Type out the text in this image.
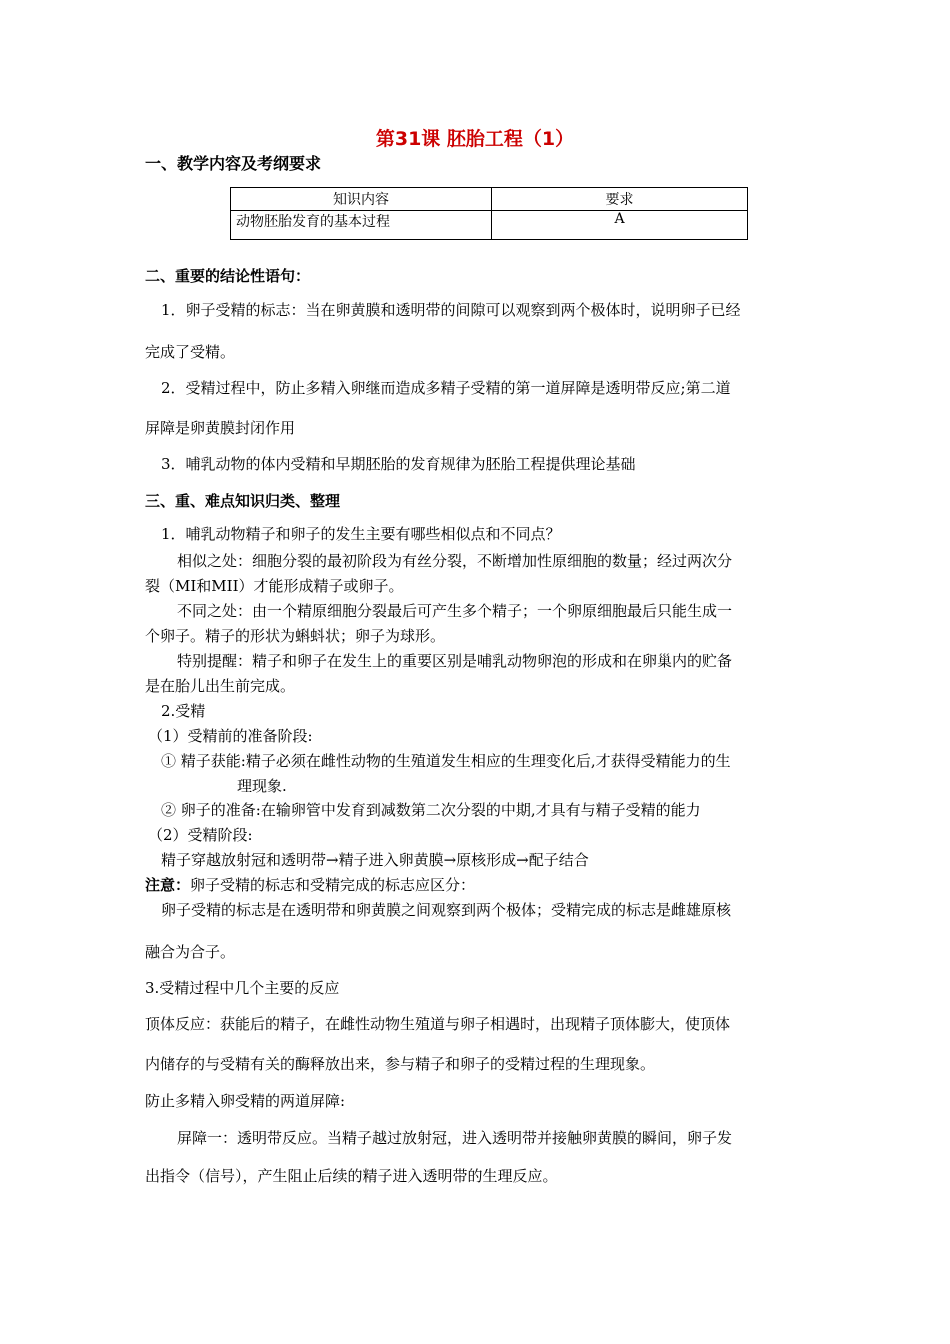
第31课 胚胎工程（1）
一、教学内容及考纲要求
知识内容	要求
动物胚胎发育的基本过程	A
二、重要的结论性语句：
1．卵子受精的标志：当在卵黄膜和透明带的间隙可以观察到两个极体时，说明卵子已经
完成了受精。
2．受精过程中，防止多精入卵继而造成多精子受精的第一道屏障是透明带反应;第二道
屏障是卵黄膜封闭作用
3．哺乳动物的体内受精和早期胚胎的发育规律为胚胎工程提供理论基础
三、重、难点知识归类、整理
1．哺乳动物精子和卵子的发生主要有哪些相似点和不同点？
相似之处：细胞分裂的最初阶段为有丝分裂，不断增加性原细胞的数量；经过两次分
裂（MI和MII）才能形成精子或卵子。
不同之处：由一个精原细胞分裂最后可产生多个精子；一个卵原细胞最后只能生成一
个卵子。精子的形状为蝌蚪状；卵子为球形。
特别提醒：精子和卵子在发生上的重要区别是哺乳动物卵泡的形成和在卵巢内的贮备
是在胎儿出生前完成。
2.受精
（1）受精前的准备阶段:
① 精子获能:精子必须在雌性动物的生殖道发生相应的生理变化后,才获得受精能力的生
理现象.
② 卵子的准备:在输卵管中发育到减数第二次分裂的中期,才具有与精子受精的能力
（2）受精阶段:
精子穿越放射冠和透明带→精子进入卵黄膜→原核形成→配子结合
注意：卵子受精的标志和受精完成的标志应区分：
卵子受精的标志是在透明带和卵黄膜之间观察到两个极体；受精完成的标志是雌雄原核
融合为合子。
3.受精过程中几个主要的反应
顶体反应：获能后的精子，在雌性动物生殖道与卵子相遇时，出现精子顶体膨大，使顶体
内储存的与受精有关的酶释放出来，参与精子和卵子的受精过程的生理现象。
防止多精入卵受精的两道屏障:
屏障一：透明带反应。当精子越过放射冠，进入透明带并接触卵黄膜的瞬间，卵子发
出指令（信号），产生阻止后续的精子进入透明带的生理反应。
